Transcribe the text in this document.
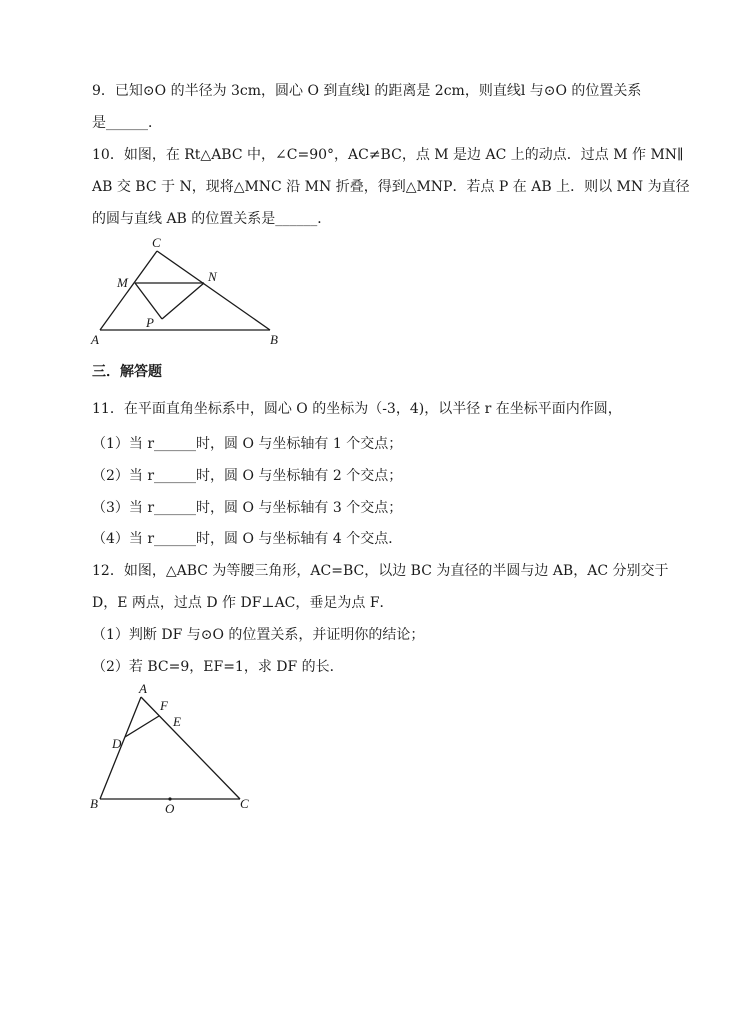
9．已知⊙O 的半径为 3cm，圆心 O 到直线l 的距离是 2cm，则直线l 与⊙O 的位置关系
是______．
10．如图，在 Rt△ABC 中，∠C=90°，AC≠BC，点 M 是边 AC 上的动点．过点 M 作 MN∥
AB 交 BC 于 N，现将△MNC 沿 MN 折叠，得到△MNP．若点 P 在 AB 上．则以 MN 为直径
的圆与直线 AB 的位置关系是______．
C
M	N
P
A	B
三．解答题
11．在平面直角坐标系中，圆心 O 的坐标为（-3，4)，以半径 r 在坐标平面内作圆，
（1）当 r______时，圆 O 与坐标轴有 1 个交点；
（2）当 r______时，圆 O 与坐标轴有 2 个交点；
（3）当 r______时，圆 O 与坐标轴有 3 个交点；
（4）当 r______时，圆 O 与坐标轴有 4 个交点．
12．如图，△ABC 为等腰三角形，AC=BC，以边 BC 为直径的半圆与边 AB，AC 分别交于
D，E 两点，过点 D 作 DF⊥AC，垂足为点 F．
（1）判断 DF 与⊙O 的位置关系，并证明你的结论；
（2）若 BC=9，EF=1，求 DF 的长．
A
F
E
D
B	O	C
